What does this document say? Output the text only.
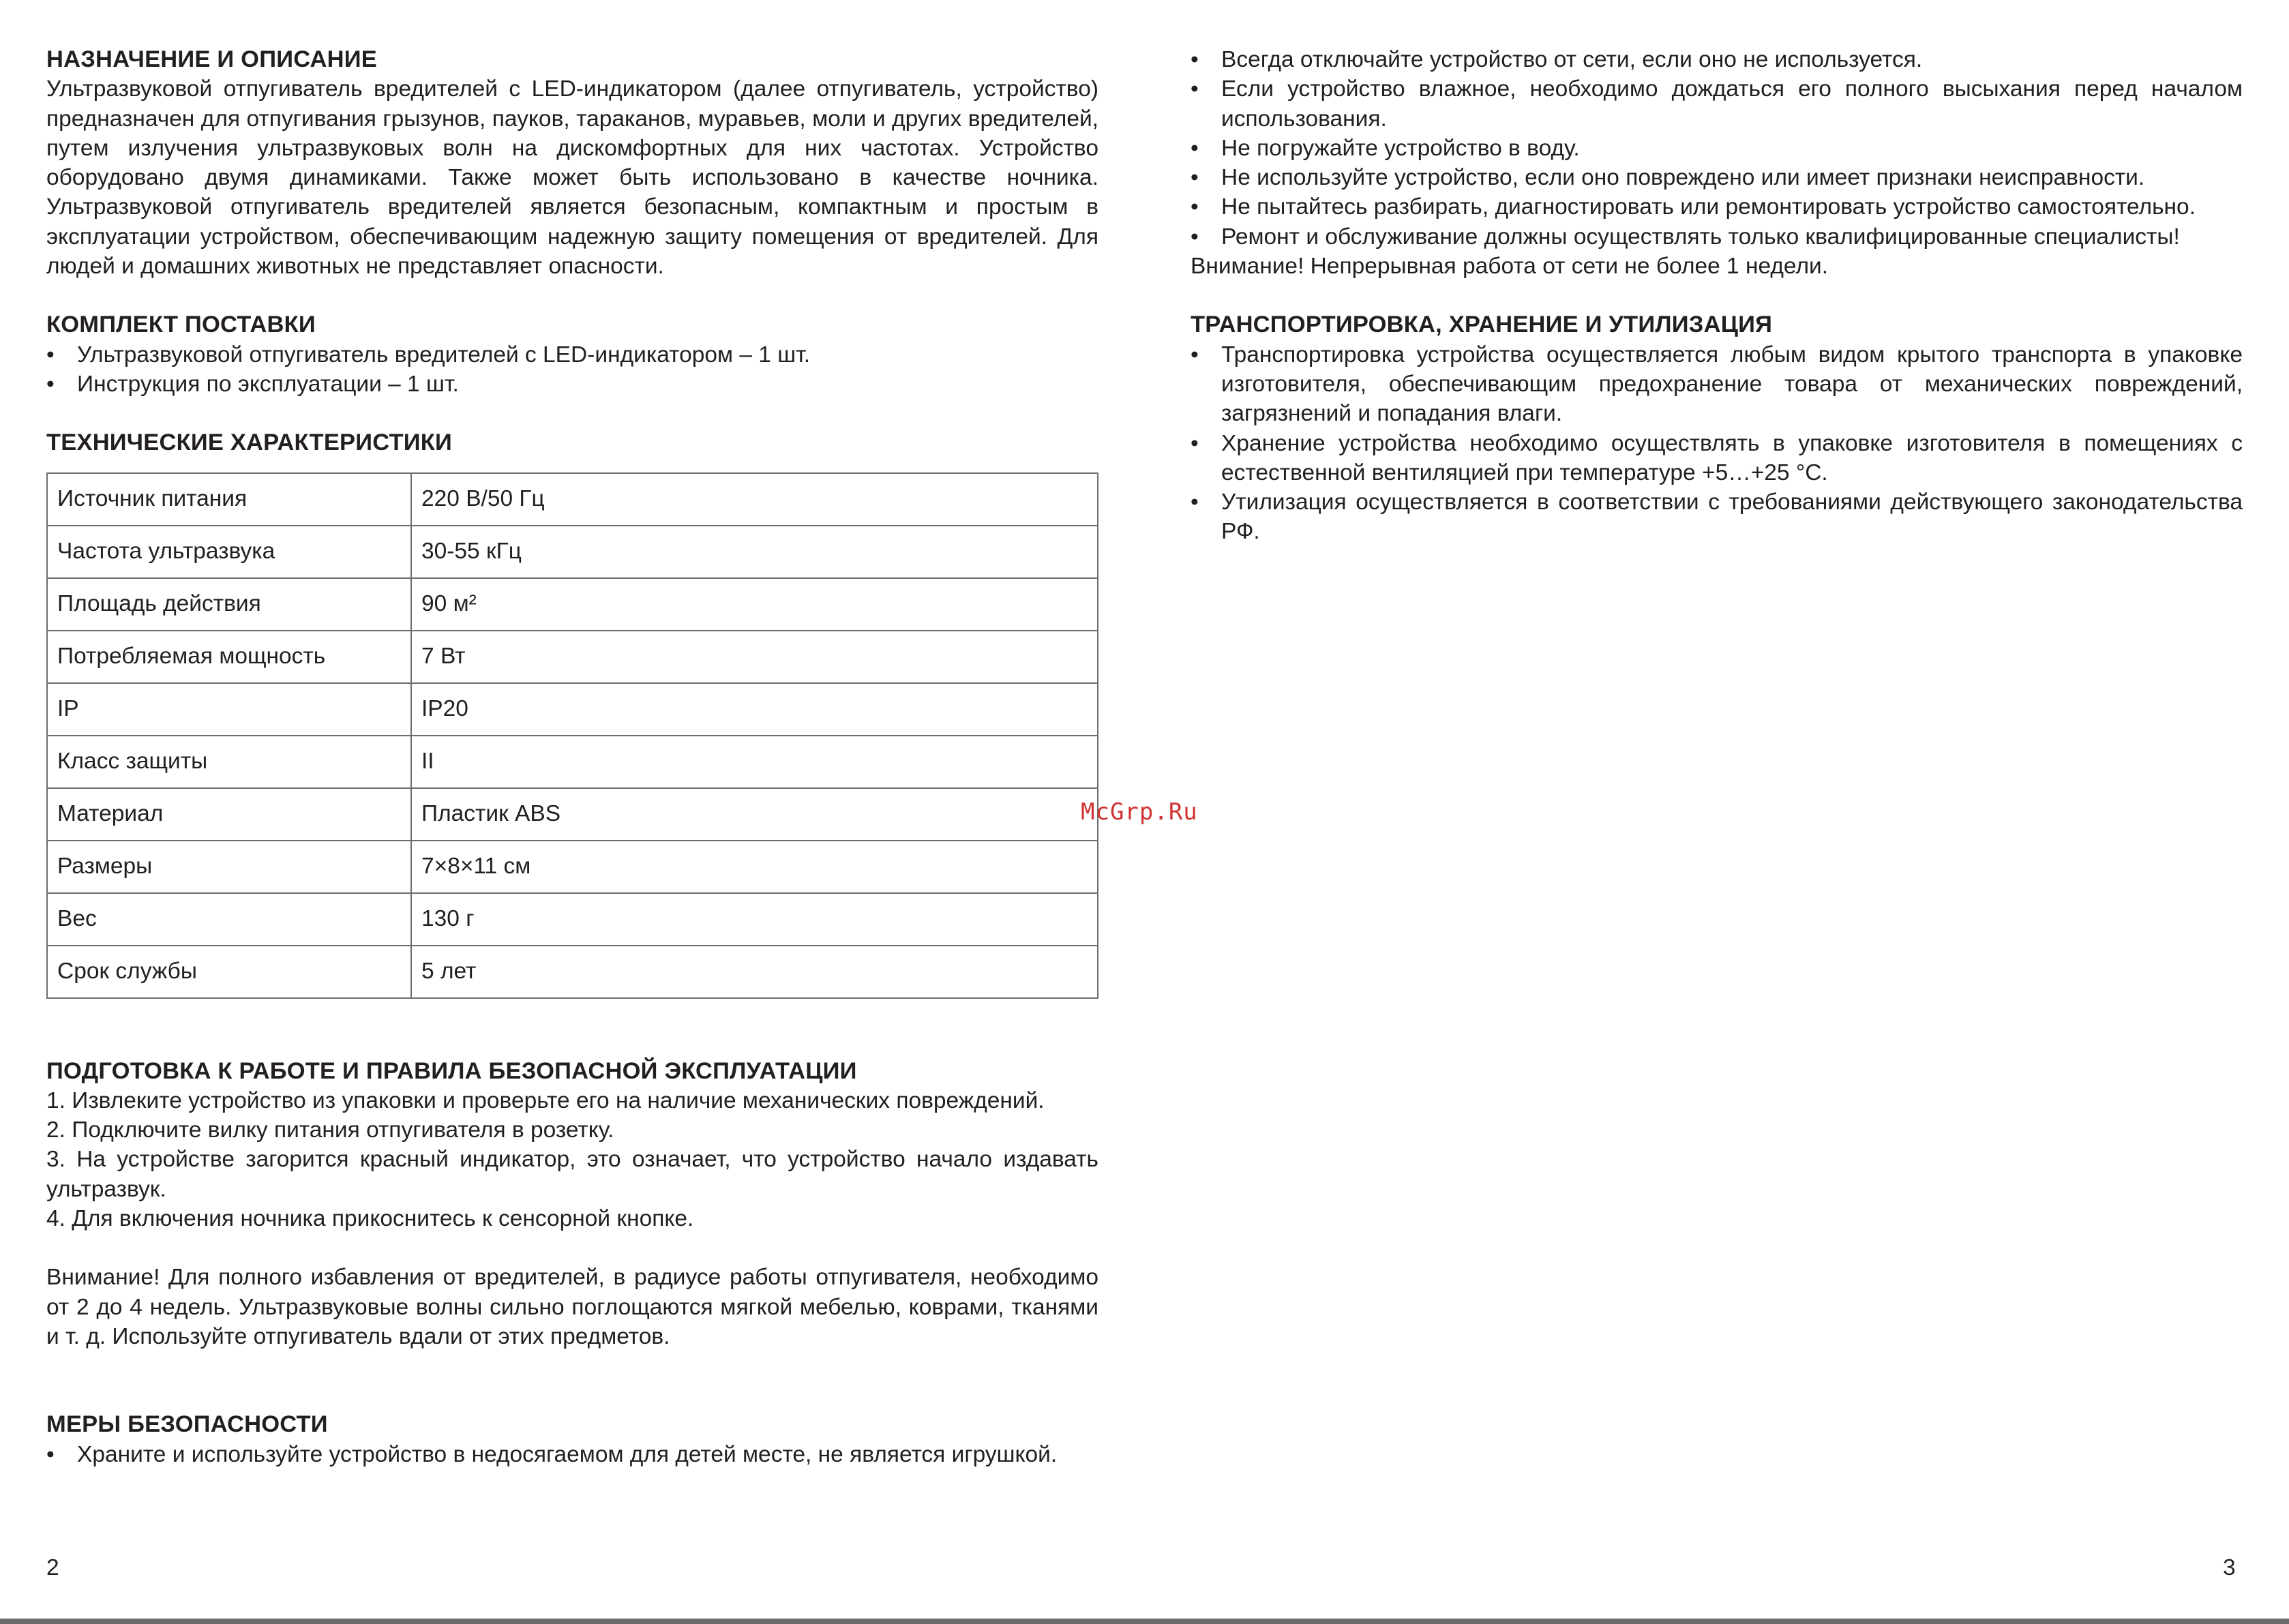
НАЗНАЧЕНИЕ И ОПИСАНИЕ

Ультразвуковой отпугиватель вредителей с LED-индикатором (далее отпугиватель, устройство) предназначен для отпугивания грызунов, пауков, тараканов, муравьев, моли и других вредителей, путем излучения ультразвуковых волн на дискомфортных для них частотах. Устройство оборудовано двумя динамиками. Также может быть использовано в качестве ночника. Ультразвуковой отпугиватель вредителей является безопасным, компактным и простым в эксплуатации устройством, обеспечивающим надежную защиту помещения от вредителей. Для людей и домашних животных не представляет опасности.

КОМПЛЕКТ ПОСТАВКИ
• Ультразвуковой отпугиватель вредителей с LED-индикатором – 1 шт.
• Инструкция по эксплуатации – 1 шт.
ТЕХНИЧЕСКИЕ ХАРАКТЕРИСТИКИ
Источник питания	220 В/50 Гц
Частота ультразвука	30-55 кГц
Площадь действия	90 м²
Потребляемая мощность	7 Вт
IP	IP20
Класс защиты	II
Материал	Пластик ABS
Размеры	7×8×11 см
Вес	130 г
Срок службы	5 лет
ПОДГОТОВКА К РАБОТЕ И ПРАВИЛА БЕЗОПАСНОЙ ЭКСПЛУАТАЦИИ

1. Извлеките устройство из упаковки и проверьте его на наличие механических повреждений.

2. Подключите вилку питания отпугивателя в розетку.

3. На устройстве загорится красный индикатор, это означает, что устройство начало издавать ультразвук.

4. Для включения ночника прикоснитесь к сенсорной кнопке.

Внимание! Для полного избавления от вредителей, в радиусе работы отпугивателя, необходимо от 2 до 4 недель. Ультразвуковые волны сильно поглощаются мягкой мебелью, коврами, тканями и т. д. Используйте отпугиватель вдали от этих предметов.

МЕРЫ БЕЗОПАСНОСТИ
• Храните и используйте устройство в недосягаемом для детей месте, не является игрушкой.
2
• Всегда отключайте устройство от сети, если оно не используется.
• Если устройство влажное, необходимо дождаться его полного высыхания перед началом использования.
• Не погружайте устройство в воду.
• Не используйте устройство, если оно повреждено или имеет признаки неисправности.
• Не пытайтесь разбирать, диагностировать или ремонтировать устройство самостоятельно.
• Ремонт и обслуживание должны осуществлять только квалифицированные специалисты!

Внимание! Непрерывная работа от сети не более 1 недели.

ТРАНСПОРТИРОВКА, ХРАНЕНИЕ И УТИЛИЗАЦИЯ
• Транспортировка устройства осуществляется любым видом крытого транспорта в упаковке изготовителя, обеспечивающим предохранение товара от механических повреждений, загрязнений и попадания влаги.
• Хранение устройства необходимо осуществлять в упаковке изготовителя в помещениях с естественной вентиляцией при температуре +5…+25 °С.
• Утилизация осуществляется в соответствии с требованиями действующего законодательства РФ.
3
McGrp.Ru
